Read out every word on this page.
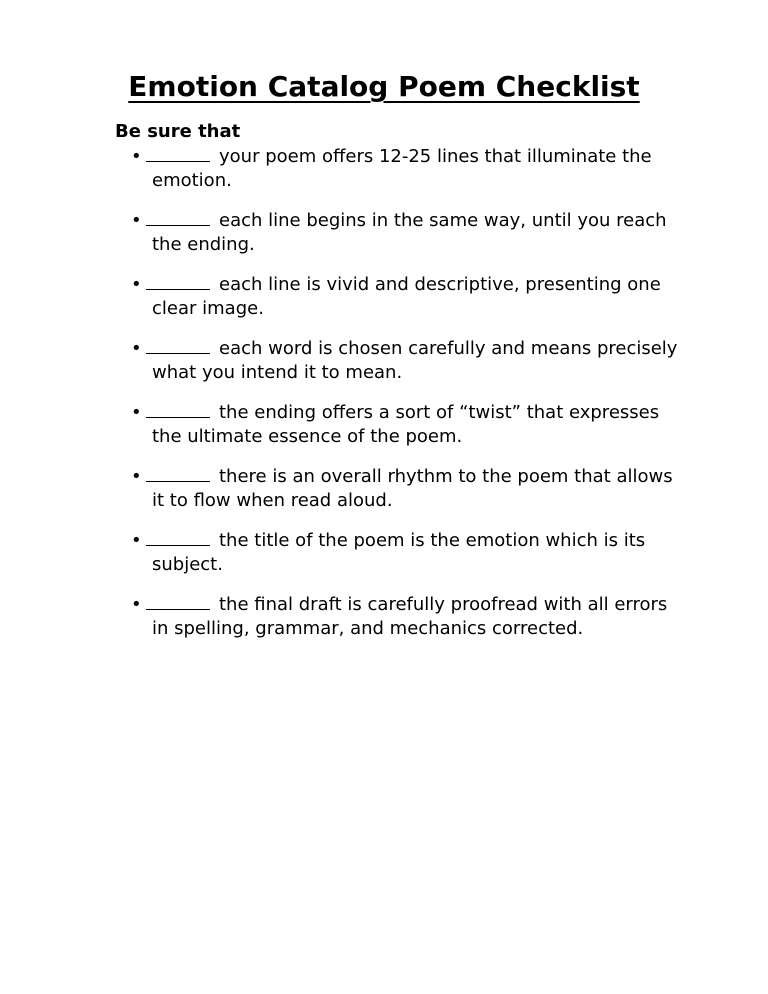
Emotion Catalog Poem Checklist
Be sure that
•	your poem offers 12-25 lines that illuminate the emotion.
•	each line begins in the same way, until you reach the ending.
•	each line is vivid and descriptive, presenting one clear image.
•	each word is chosen carefully and means precisely what you intend it to mean.
•	the ending offers a sort of “twist” that expresses the ultimate essence of the poem.
•	there is an overall rhythm to the poem that allows it to flow when read aloud.
•	the title of the poem is the emotion which is its subject.
•	the final draft is carefully proofread with all errors in spelling, grammar, and mechanics corrected.
